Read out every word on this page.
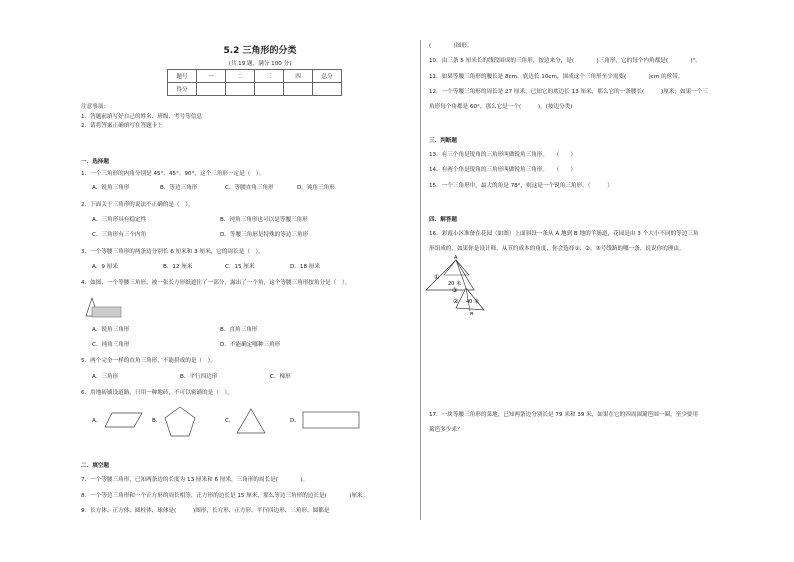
5.2 三角形的分类
(共 19 题，满分 100 分)
题号	一	二	三	四	总分
得分					
注意事项：
1．答题前填写好自己的姓名、班级、考号等信息
2．请将答案正确填写在答题卡上
一．选择题
1．一个三角形的内角分别是 45°、45°、90°，这个三角形一定是（　）。
A．锐角三角形	B．等边三角形	C．等腰直角三角形	D．钝角三角形
2．下面关于三角形的说法不正确的是（　）。
A．三角形具有稳定性	B．钝角三角形也可以是等腰三角形
C．三角形有三个内角	D．等腰三角形是特殊的等边三角形
3．一个等腰三角形的两条边分别长 6 厘米和 3 厘米，它的周长是（　）。
A．9 厘米	B．12 厘米	C．15 厘米	D．18 厘米
4．如图，一个等腰三角形，被一张长方形纸遮住了一部分，露出了一个角，这个等腰三角形按角分是（　）。
A．锐角三角形	B．直角三角形
C．钝角三角形	D．不能确定哪种三角形
5．两个完全一样的直角三角形，不能拼成的是（　）。
A．三角形	B．平行四边形	C．梯形
6．用地砖铺设道路，只用一种地砖，不可以密铺的是（　）。
A．	B．	C．	D．
二．填空题
7．一个等腰三角形，已知两条边的长度为 13 厘米和 6 厘米，三角形的周长是(　　　　)。
8．一个等边三角形和一个正方形的周长相等，正方形的边长是 15 厘米，那么等边三角形的边长是(　　　　)厘米。
9．长方体、正方体、圆柱体、球体是(　　　)图形，长方形、正方形、平行四边形、三角形、圆都是
(　　　　)图形。
10．由三条 5 厘米长的线段围成的三角形，按边来分，是(　　　　)三角形，它的每个内角都是(　　　　)°。
11．如果等腰三角形的腰长是 8cm，底边长 10cm，围成这个三角形至少需要(　　　　)cm 的丝带。
12．一个等腰三角形的周长是 27 厘米，已知它的底边长 13 厘米，那么它的一条腰长(　　　)厘米；如果一个三
角形每个角都是 60°，那么它是一个(　　　)。(按边分类)
三．判断题
13．有三个角是锐角的三角形叫做锐角三角形。　　（　　）
14．有两个角是锐角的三角形叫做锐角三角形。　　（　　）
15．一个三角形中，最大的角是 78°，则这是一个锐角三角形。（　　　）
四．解答题
16．彩霞小区准备在花园（如图）上面斜设一条从 A 地到 B 地的羊肠道，花园是由 3 个大小不同的等边三角
形组成的，如果你是设计师，从节约成本的角度，你会选择①、②、③号线路的哪一条，说说你的理由。
A
B
①
②
③
20 米
40 米
17．一块等腰三角形的菜地，已知两条边分别长是 79 米和 39 米，如果在它的四周围篱笆围一圈，至少要用
篱笆多少米？
